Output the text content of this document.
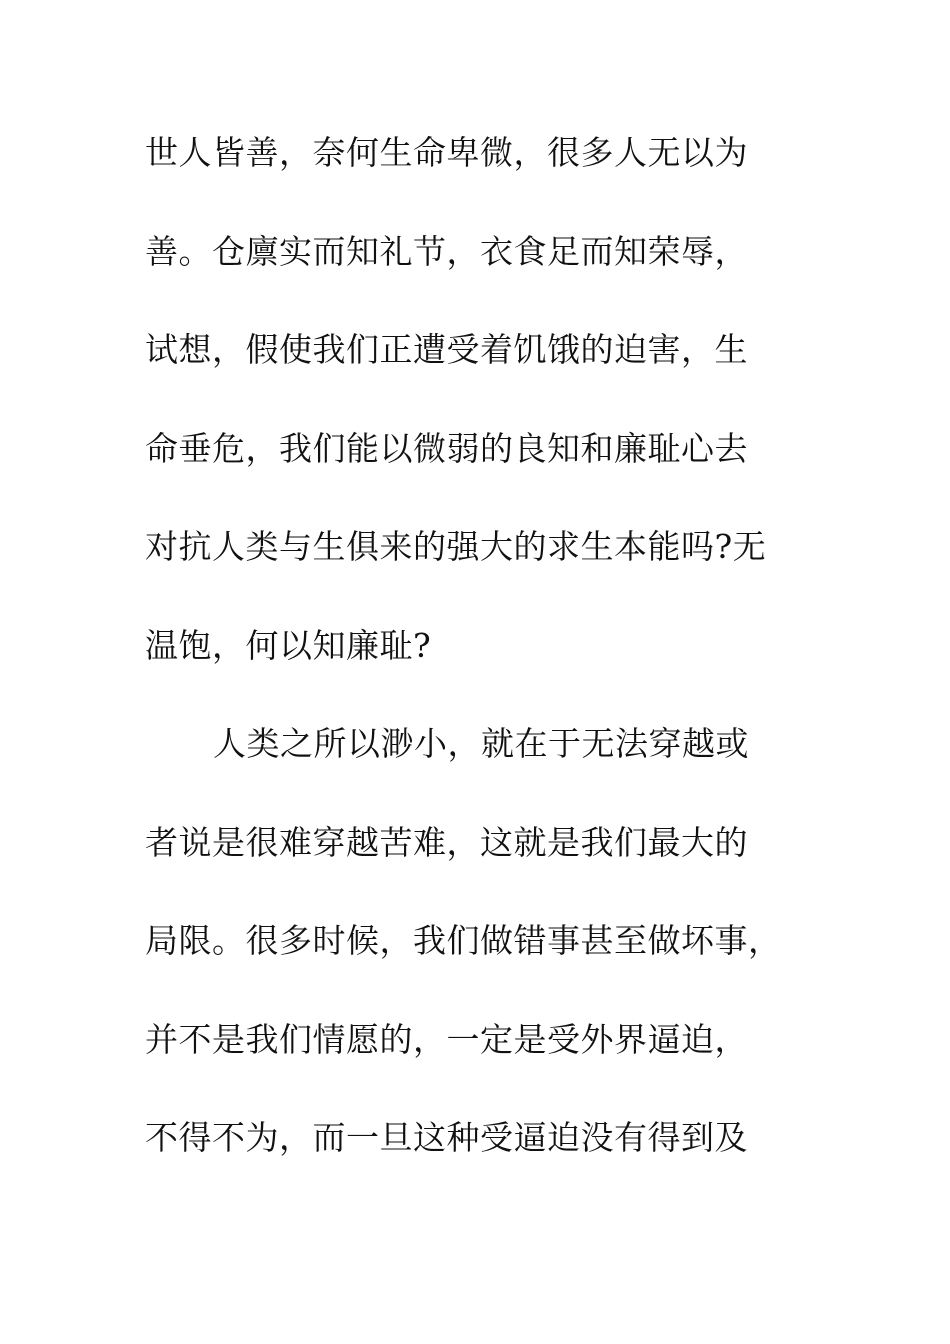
世人皆善，奈何生命卑微，很多人无以为
善。仓廪实而知礼节，衣食足而知荣辱，
试想，假使我们正遭受着饥饿的迫害，生
命垂危，我们能以微弱的良知和廉耻心去
对抗人类与生俱来的强大的求生本能吗?无
温饱，何以知廉耻?
人类之所以渺小，就在于无法穿越或
者说是很难穿越苦难，这就是我们最大的
局限。很多时候，我们做错事甚至做坏事，
并不是我们情愿的，一定是受外界逼迫，
不得不为，而一旦这种受逼迫没有得到及
